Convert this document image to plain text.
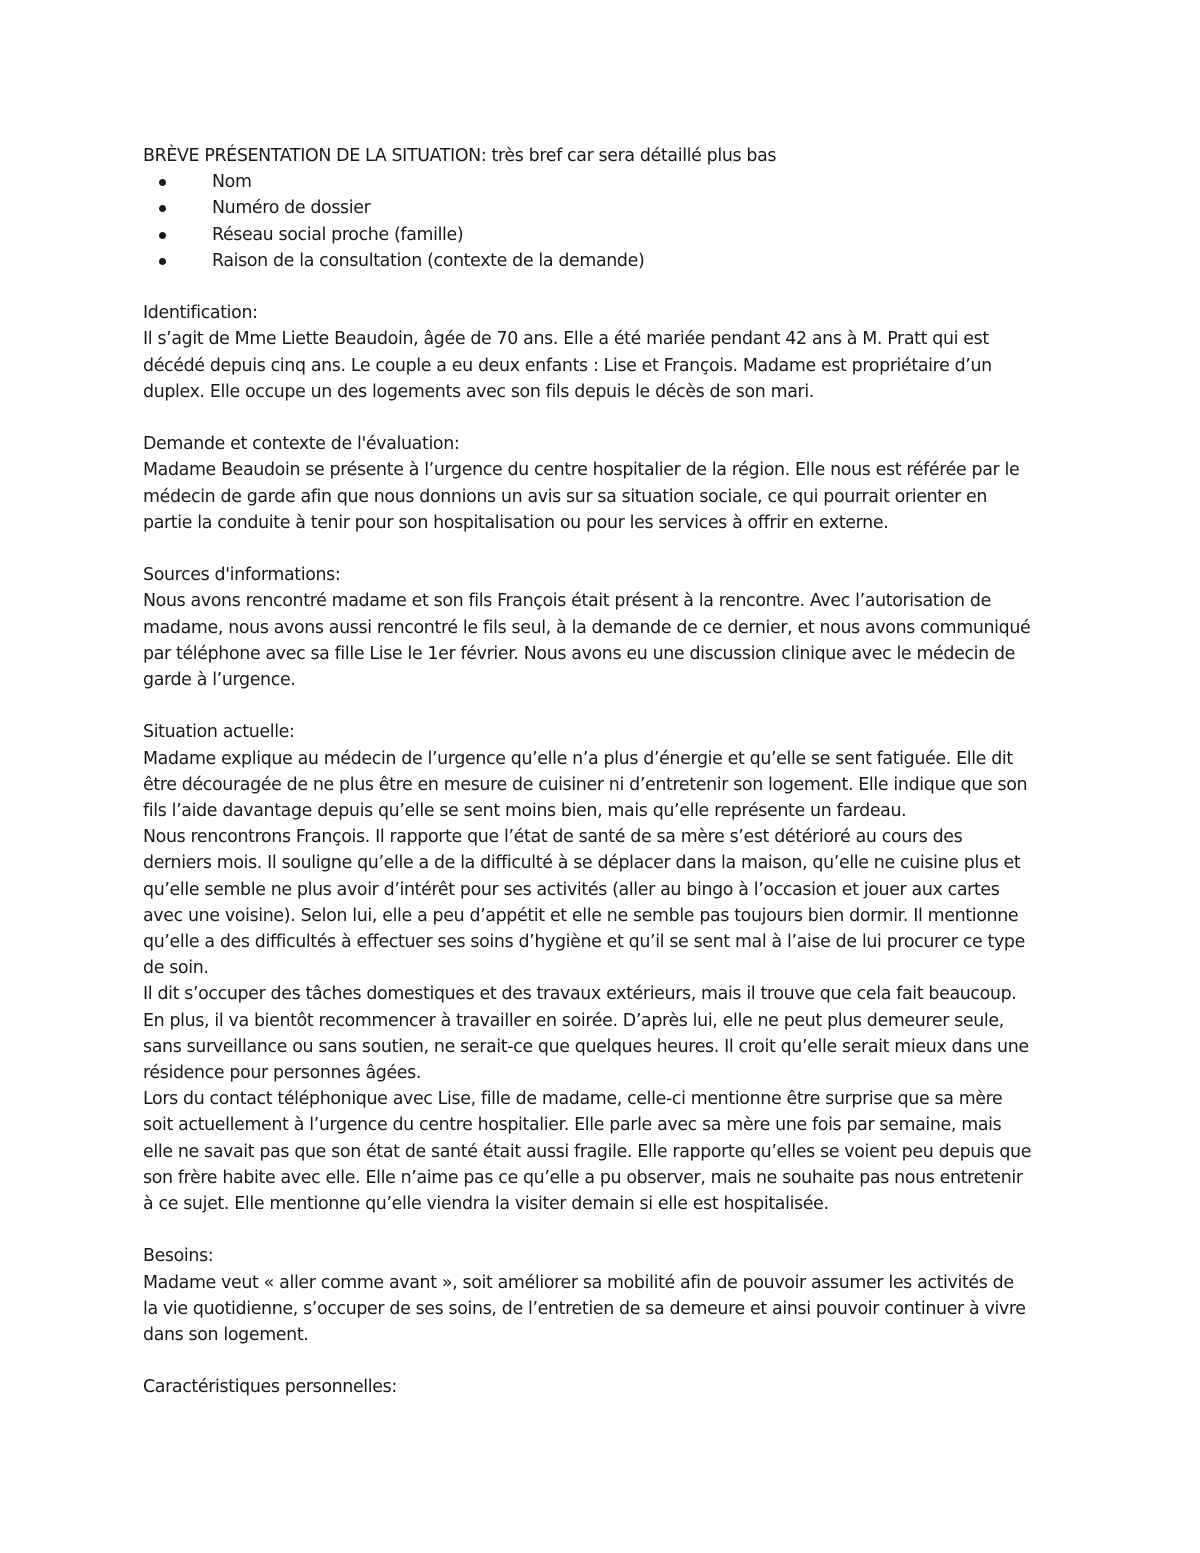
BRÈVE PRÉSENTATION DE LA SITUATION: très bref car sera détaillé plus bas
Nom
Numéro de dossier
Réseau social proche (famille)
Raison de la consultation (contexte de la demande)
Identification:
Il s’agit de Mme Liette Beaudoin, âgée de 70 ans. Elle a été mariée pendant 42 ans à M. Pratt qui est
décédé depuis cinq ans. Le couple a eu deux enfants : Lise et François. Madame est propriétaire d’un
duplex. Elle occupe un des logements avec son fils depuis le décès de son mari.
Demande et contexte de l'évaluation:
Madame Beaudoin se présente à l’urgence du centre hospitalier de la région. Elle nous est référée par le
médecin de garde afin que nous donnions un avis sur sa situation sociale, ce qui pourrait orienter en
partie la conduite à tenir pour son hospitalisation ou pour les services à offrir en externe.
Sources d'informations:
Nous avons rencontré madame et son fils François était présent à la rencontre. Avec l’autorisation de
madame, nous avons aussi rencontré le fils seul, à la demande de ce dernier, et nous avons communiqué
par téléphone avec sa fille Lise le 1er février. Nous avons eu une discussion clinique avec le médecin de
garde à l’urgence.
Situation actuelle:
Madame explique au médecin de l’urgence qu’elle n’a plus d’énergie et qu’elle se sent fatiguée. Elle dit
être découragée de ne plus être en mesure de cuisiner ni d’entretenir son logement. Elle indique que son
fils l’aide davantage depuis qu’elle se sent moins bien, mais qu’elle représente un fardeau.
Nous rencontrons François. Il rapporte que l’état de santé de sa mère s’est détérioré au cours des
derniers mois. Il souligne qu’elle a de la difficulté à se déplacer dans la maison, qu’elle ne cuisine plus et
qu’elle semble ne plus avoir d’intérêt pour ses activités (aller au bingo à l’occasion et jouer aux cartes
avec une voisine). Selon lui, elle a peu d’appétit et elle ne semble pas toujours bien dormir. Il mentionne
qu’elle a des difficultés à effectuer ses soins d’hygiène et qu’il se sent mal à l’aise de lui procurer ce type
de soin.
Il dit s’occuper des tâches domestiques et des travaux extérieurs, mais il trouve que cela fait beaucoup.
En plus, il va bientôt recommencer à travailler en soirée. D’après lui, elle ne peut plus demeurer seule,
sans surveillance ou sans soutien, ne serait-ce que quelques heures. Il croit qu’elle serait mieux dans une
résidence pour personnes âgées.
Lors du contact téléphonique avec Lise, fille de madame, celle-ci mentionne être surprise que sa mère
soit actuellement à l’urgence du centre hospitalier. Elle parle avec sa mère une fois par semaine, mais
elle ne savait pas que son état de santé était aussi fragile. Elle rapporte qu’elles se voient peu depuis que
son frère habite avec elle. Elle n’aime pas ce qu’elle a pu observer, mais ne souhaite pas nous entretenir
à ce sujet. Elle mentionne qu’elle viendra la visiter demain si elle est hospitalisée.
Besoins:
Madame veut « aller comme avant », soit améliorer sa mobilité afin de pouvoir assumer les activités de
la vie quotidienne, s’occuper de ses soins, de l’entretien de sa demeure et ainsi pouvoir continuer à vivre
dans son logement.
Caractéristiques personnelles:
